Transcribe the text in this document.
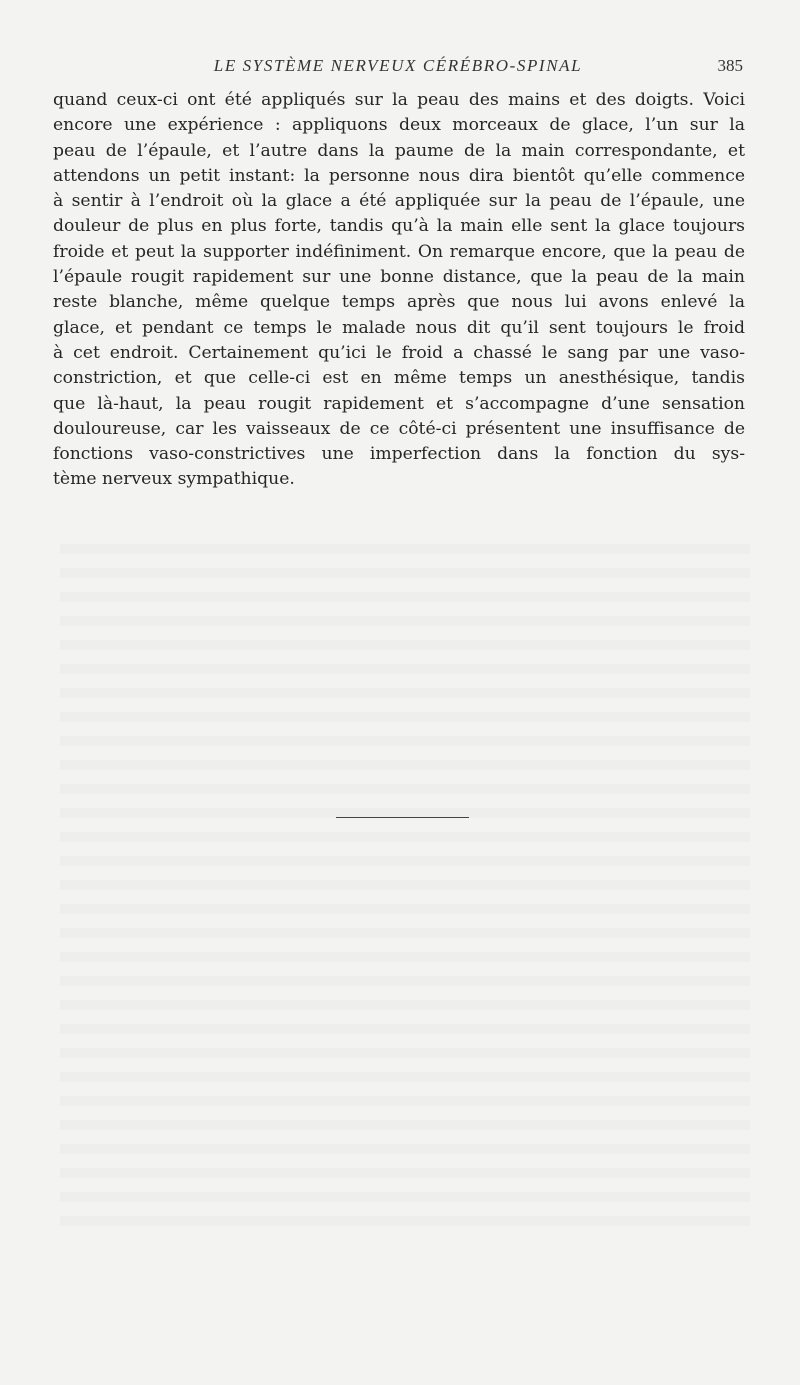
LE SYSTÈME NERVEUX CÉRÉBRO-SPINAL	385
quand ceux-ci ont été appliqués sur la peau des mains et des doigts. Voici
encore une expérience : appliquons deux morceaux de glace, l’un sur la
peau de l’épaule, et l’autre dans la paume de la main correspondante, et
attendons un petit instant: la personne nous dira bientôt qu’elle commence
à sentir à l’endroit où la glace a été appliquée sur la peau de l’épaule, une
douleur de plus en plus forte, tandis qu’à la main elle sent la glace toujours
froide et peut la supporter indéfiniment. On remarque encore, que la peau de
l’épaule rougit rapidement sur une bonne distance, que la peau de la main
reste blanche, même quelque temps après que nous lui avons enlevé la
glace, et pendant ce temps le malade nous dit qu’il sent toujours le froid
à cet endroit. Certainement qu’ici le froid a chassé le sang par une vaso-
constriction, et que celle-ci est en même temps un anesthésique, tandis
que là-haut, la peau rougit rapidement et s’accompagne d’une sensation
douloureuse, car les vaisseaux de ce côté-ci présentent une insuffisance de
fonctions vaso-constrictives une imperfection dans la fonction du sys-
tème nerveux sympathique.
